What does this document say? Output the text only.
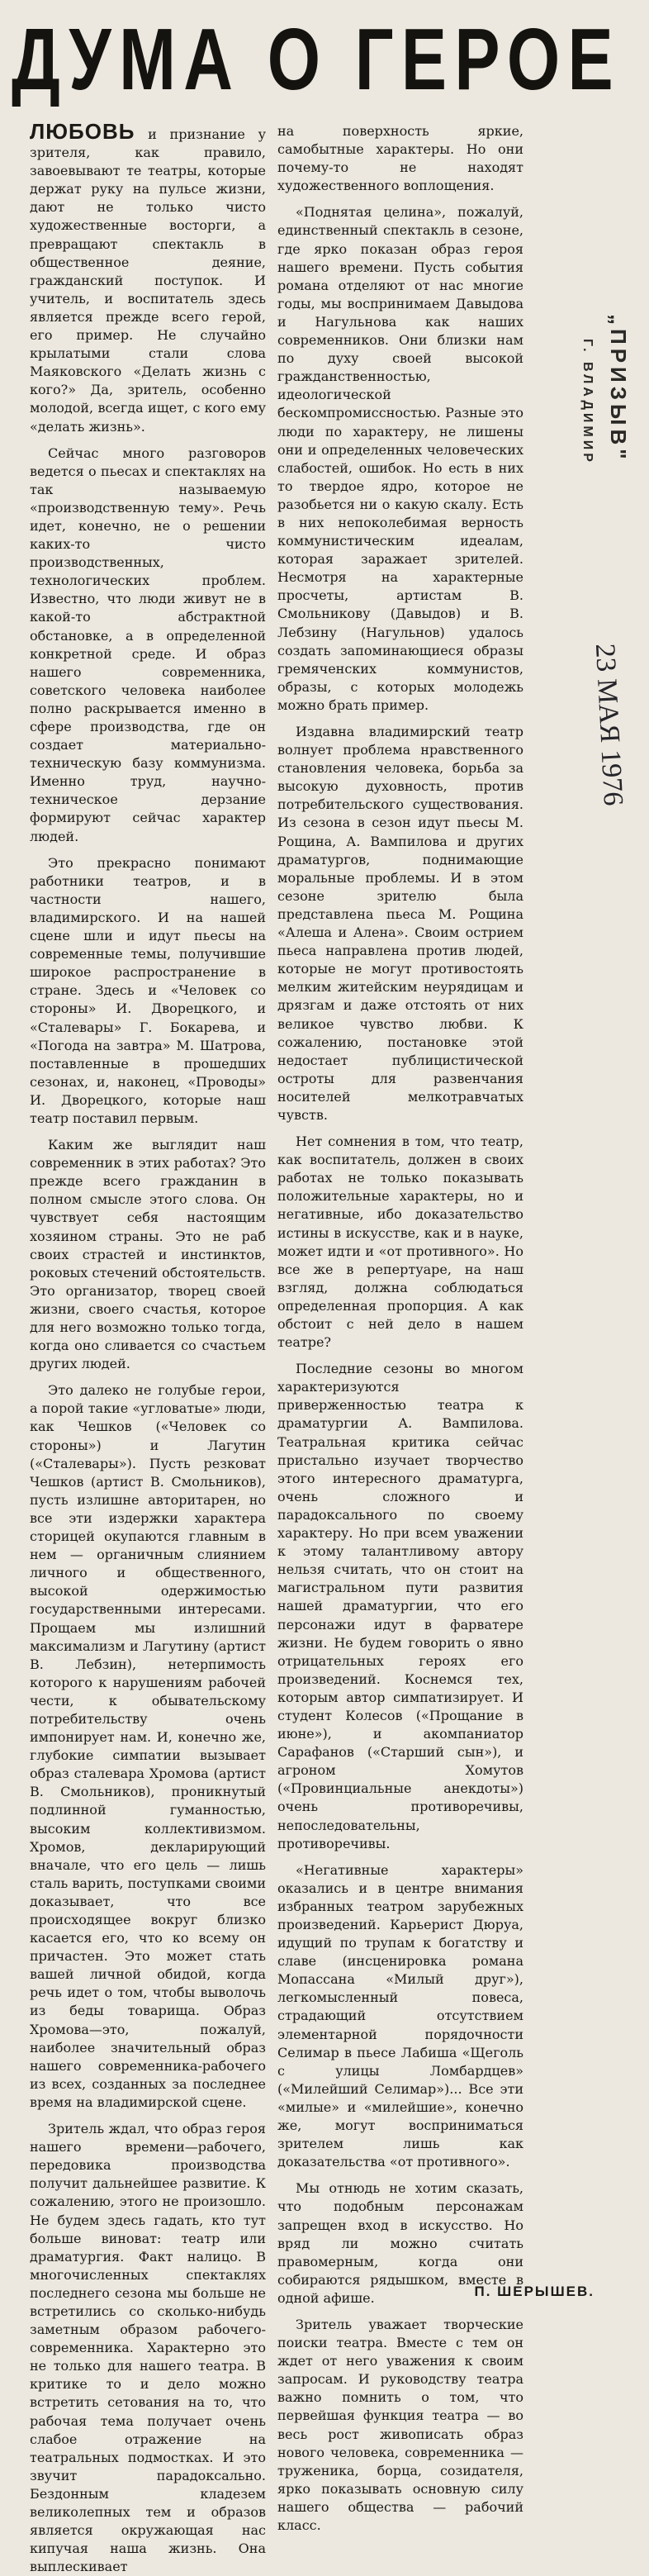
ДУМА О ГЕРОЕ

ЛЮБОВЬ и признание у зрителя, как правило, завоевывают те театры, которые держат руку на пульсе жизни, дают не только чисто художественные восторги, а превращают спектакль в общественное деяние, гражданский поступок. И учитель, и воспитатель здесь является прежде всего герой, его пример. Не случайно крылатыми стали слова Маяковского «Делать жизнь с кого?» Да, зритель, особенно молодой, всегда ищет, с кого ему «делать жизнь».

Сейчас много разговоров ведется о пьесах и спектаклях на так называемую «производственную тему». Речь идет, конечно, не о решении каких-то чисто производственных, технологических проблем. Известно, что люди живут не в какой-то абстрактной обстановке, а в определенной конкретной среде. И образ нашего современника, советского человека наиболее полно раскрывается именно в сфере производства, где он создает материально-техническую базу коммунизма. Именно труд, научно-техническое дерзание формируют сейчас характер людей.

Это прекрасно понимают работники театров, и в частности нашего, владимирского. И на нашей сцене шли и идут пьесы на современные темы, получившие широкое распространение в стране. Здесь и «Человек со стороны» И. Дворецкого, и «Сталевары» Г. Бокарева, и «Погода на завтра» М. Шатрова, поставленные в прошедших сезонах, и, наконец, «Проводы» И. Дворецкого, которые наш театр поставил первым.

Каким же выглядит наш современник в этих работах? Это прежде всего гражданин в полном смысле этого слова. Он чувствует себя настоящим хозяином страны. Это не раб своих страстей и инстинктов, роковых стечений обстоятельств. Это организатор, творец своей жизни, своего счастья, которое для него возможно только тогда, когда оно сливается со счастьем других людей.

Это далеко не голубые герои, а порой такие «угловатые» люди, как Чешков («Человек со стороны») и Лагутин («Сталевары»). Пусть резковат Чешков (артист В. Смольников), пусть излишне авторитарен, но все эти издержки характера сторицей окупаются главным в нем — органичным слиянием личного и общественного, высокой одержимостью государственными интересами. Прощаем мы излишний максимализм и Лагутину (артист В. Лебзин), нетерпимость которого к нарушениям рабочей чести, к обывательскому потребительству очень импонирует нам. И, конечно же, глубокие симпатии вызывает образ сталевара Хромова (артист В. Смольников), проникнутый подлинной гуманностью, высоким коллективизмом. Хромов, декларирующий вначале, что его цель — лишь сталь варить, поступками своими доказывает, что все происходящее вокруг близко касается его, что ко всему он причастен. Это может стать вашей личной обидой, когда речь идет о том, чтобы выволочь из беды товарища. Образ Хромова—это, пожалуй, наиболее значительный образ нашего современника-рабочего из всех, созданных за последнее время на владимирской сцене.

Зритель ждал, что образ героя нашего времени—рабочего, передовика производства получит дальнейшее развитие. К сожалению, этого не произошло. Не будем здесь гадать, кто тут больше виноват: театр или драматургия. Факт налицо. В многочисленных спектаклях последнего сезона мы больше не встретились со сколько-нибудь заметным образом рабочего-современника. Характерно это не только для нашего театра. В критике то и дело можно встретить сетования на то, что рабочая тема получает очень слабое отражение на театральных подмостках. И это звучит парадоксально. Бездонным кладезем великолепных тем и образов является окружающая нас кипучая наша жизнь. Она выплескивает

на поверхность яркие, самобытные характеры. Но они почему-то не находят художественного воплощения.

«Поднятая целина», пожалуй, единственный спектакль в сезоне, где ярко показан образ героя нашего времени. Пусть события романа отделяют от нас многие годы, мы воспринимаем Давыдова и Нагульнова как наших современников. Они близки нам по духу своей высокой гражданственностью, идеологической бескомпромиссностью. Разные это люди по характеру, не лишены они и определенных человеческих слабостей, ошибок. Но есть в них то твердое ядро, которое не разобьется ни о какую скалу. Есть в них непоколебимая верность коммунистическим идеалам, которая заражает зрителей. Несмотря на характерные просчеты, артистам В. Смольникову (Давыдов) и В. Лебзину (Нагульнов) удалось создать запоминающиеся образы гремяченских коммунистов, образы, с которых молодежь можно брать пример.

Издавна владимирский театр волнует проблема нравственного становления человека, борьба за высокую духовность, против потребительского существования. Из сезона в сезон идут пьесы М. Рощина, А. Вампилова и других драматургов, поднимающие моральные проблемы. И в этом сезоне зрителю была представлена пьеса М. Рощина «Алеша и Алена». Своим острием пьеса направлена против людей, которые не могут противостоять мелким житейским неурядицам и дрязгам и даже отстоять от них великое чувство любви. К сожалению, постановке этой недостает публицистической остроты для развенчания носителей мелкотравчатых чувств.

Нет сомнения в том, что театр, как воспитатель, должен в своих работах не только показывать положительные характеры, но и негативные, ибо доказательство истины в искусстве, как и в науке, может идти и «от противного». Но все же в репертуаре, на наш взгляд, должна соблюдаться определенная пропорция. А как обстоит с ней дело в нашем театре?

Последние сезоны во многом характеризуются приверженностью театра к драматургии А. Вампилова. Театральная критика сейчас пристально изучает творчество этого интересного драматурга, очень сложного и парадоксального по своему характеру. Но при всем уважении к этому талантливому автору нельзя считать, что он стоит на магистральном пути развития нашей драматургии, что его персонажи идут в фарватере жизни. Не будем говорить о явно отрицательных героях его произведений. Коснемся тех, которым автор симпатизирует. И студент Колесов («Прощание в июне»), и акомпаниатор Сарафанов («Старший сын»), и агроном Хомутов («Провинциальные анекдоты») очень противоречивы, непоследовательны, противоречивы.

«Негативные характеры» оказались и в центре внимания избранных театром зарубежных произведений. Карьерист Дюруа, идущий по трупам к богатству и славе (инсценировка романа Мопассана «Милый друг»), легкомысленный повеса, страдающий отсутствием элементарной порядочности Селимар в пьесе Лабиша «Щеголь с улицы Ломбардцев» («Милейший Селимар»)... Все эти «милые» и «милейшие», конечно же, могут восприниматься зрителем лишь как доказательства «от противного».

Мы отнюдь не хотим сказать, что подобным персонажам запрещен вход в искусство. Но вряд ли можно считать правомерным, когда они собираются рядышком, вместе в одной афише.

Зритель уважает творческие поиски театра. Вместе с тем он ждет от него уважения к своим запросам. И руководству театра важно помнить о том, что первейшая функция театра — во весь рост живописать образ нового человека, современника — труженика, борца, созидателя, ярко показывать основную силу нашего общества — рабочий класс.

П. ШЕРЫШЕВ.
„ПРИЗЫВ"
Г. ВЛАДИМИР
23 МАЯ 1976
